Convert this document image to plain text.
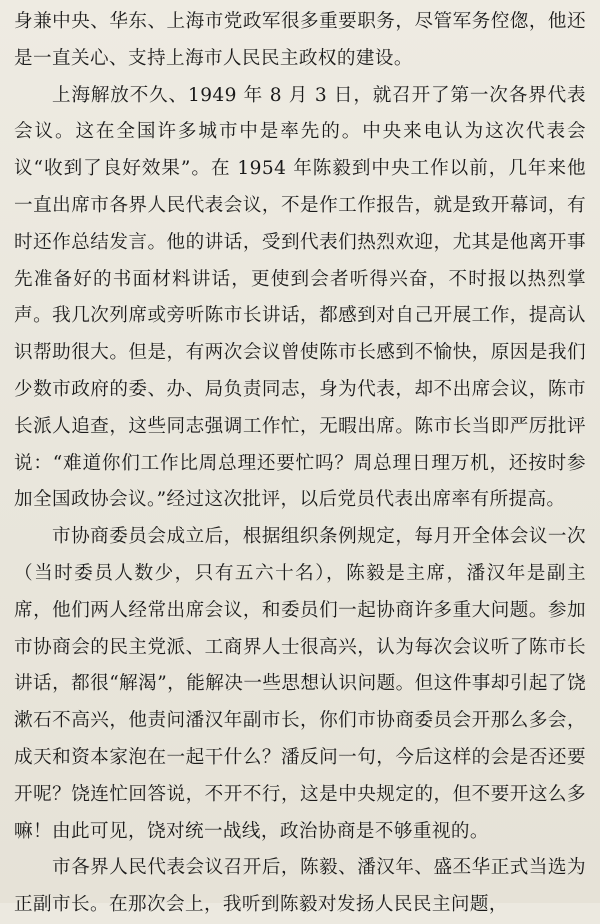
身兼中央、华东、上海市党政军很多重要职务，尽管军务倥偬，他还是一直关心、支持上海市人民民主政权的建设。

上海解放不久、1949 年 8 月 3 日，就召开了第一次各界代表会议。这在全国许多城市中是率先的。中央来电认为这次代表会议“收到了良好效果”。在 1954 年陈毅到中央工作以前，几年来他一直出席市各界人民代表会议，不是作工作报告，就是致开幕词，有时还作总结发言。他的讲话，受到代表们热烈欢迎，尤其是他离开事先准备好的书面材料讲话，更使到会者听得兴奋，不时报以热烈掌声。我几次列席或旁听陈市长讲话，都感到对自己开展工作，提高认识帮助很大。但是，有两次会议曾使陈市长感到不愉快，原因是我们少数市政府的委、办、局负责同志，身为代表，却不出席会议，陈市长派人追查，这些同志强调工作忙，无暇出席。陈市长当即严厉批评说：“难道你们工作比周总理还要忙吗？周总理日理万机，还按时参加全国政协会议。”经过这次批评，以后党员代表出席率有所提高。

市协商委员会成立后，根据组织条例规定，每月开全体会议一次（当时委员人数少，只有五六十名），陈毅是主席，潘汉年是副主席，他们两人经常出席会议，和委员们一起协商许多重大问题。参加市协商会的民主党派、工商界人士很高兴，认为每次会议听了陈市长讲话，都很“解渴”，能解决一些思想认识问题。但这件事却引起了饶漱石不高兴，他责问潘汉年副市长，你们市协商委员会开那么多会，成天和资本家泡在一起干什么？潘反问一句，今后这样的会是否还要开呢？饶连忙回答说，不开不行，这是中央规定的，但不要开这么多嘛！由此可见，饶对统一战线，政治协商是不够重视的。

市各界人民代表会议召开后，陈毅、潘汉年、盛丕华正式当选为正副市长。在那次会上，我听到陈毅对发扬人民民主问题，
